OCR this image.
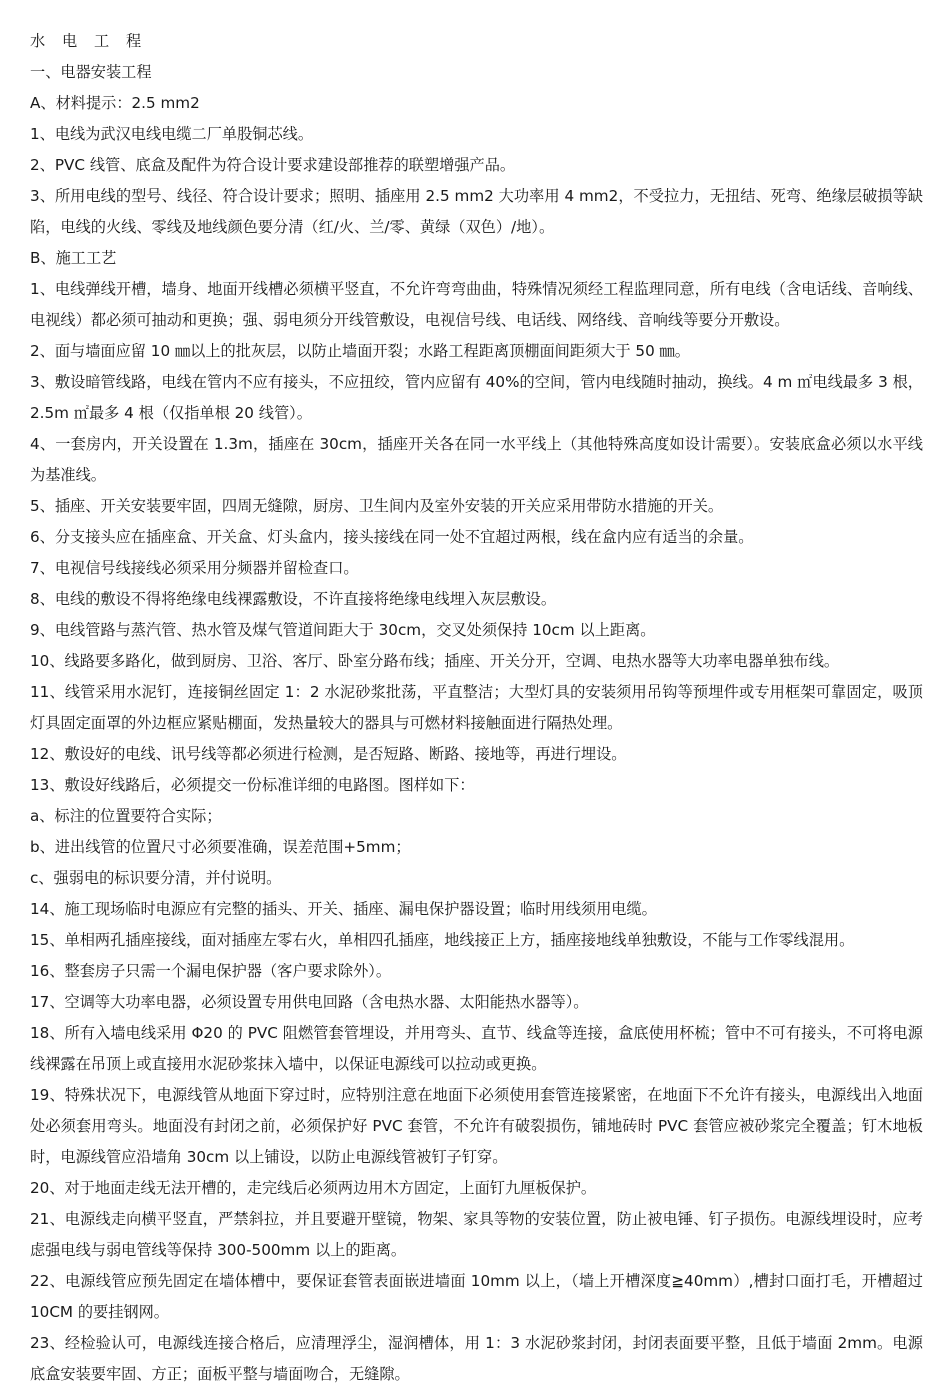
水 电 工 程

一、电器安装工程

A、材料提示：2.5 mm2

1、电线为武汉电线电缆二厂单股铜芯线。

2、PVC 线管、底盒及配件为符合设计要求建设部推荐的联塑增强产品。

3、所用电线的型号、线径、符合设计要求；照明、插座用 2.5 mm2 大功率用 4 mm2，不受拉力，无扭结、死弯、绝缘层破损等缺陷，电线的火线、零线及地线颜色要分清（红/火、兰/零、黄绿（双色）/地）。

B、施工工艺

1、电线弹线开槽，墙身、地面开线槽必须横平竖直，不允许弯弯曲曲，特殊情况须经工程监理同意，所有电线（含电话线、音响线、电视线）都必须可抽动和更换；强、弱电须分开线管敷设，电视信号线、电话线、网络线、音响线等要分开敷设。

2、面与墙面应留 10 ㎜以上的批灰层，以防止墙面开裂；水路工程距离顶棚面间距须大于 50 ㎜。

3、敷设暗管线路，电线在管内不应有接头，不应扭绞，管内应留有 40%的空间，管内电线随时抽动，换线。4 m ㎡电线最多 3 根，2.5m ㎡最多 4 根（仅指单根 20 线管）。

4、一套房内，开关设置在 1.3m，插座在 30cm，插座开关各在同一水平线上（其他特殊高度如设计需要）。安装底盒必须以水平线为基准线。

5、插座、开关安装要牢固，四周无缝隙，厨房、卫生间内及室外安装的开关应采用带防水措施的开关。

6、分支接头应在插座盒、开关盒、灯头盒内，接头接线在同一处不宜超过两根，线在盒内应有适当的余量。

7、电视信号线接线必须采用分频器并留检查口。

8、电线的敷设不得将绝缘电线裸露敷设，不许直接将绝缘电线埋入灰层敷设。

9、电线管路与蒸汽管、热水管及煤气管道间距大于 30cm，交叉处须保持 10cm 以上距离。

10、线路要多路化，做到厨房、卫浴、客厅、卧室分路布线；插座、开关分开，空调、电热水器等大功率电器单独布线。

11、线管采用水泥钉，连接铜丝固定 1：2 水泥砂浆批荡，平直整洁；大型灯具的安装须用吊钩等预埋件或专用框架可靠固定，吸顶灯具固定面罩的外边框应紧贴棚面，发热量较大的器具与可燃材料接触面进行隔热处理。

12、敷设好的电线、讯号线等都必须进行检测，是否短路、断路、接地等，再进行埋设。

13、敷设好线路后，必须提交一份标准详细的电路图。图样如下：

a、标注的位置要符合实际；

b、进出线管的位置尺寸必须要准确，误差范围+5mm；

c、强弱电的标识要分清，并付说明。

14、施工现场临时电源应有完整的插头、开关、插座、漏电保护器设置；临时用线须用电缆。

15、单相两孔插座接线，面对插座左零右火，单相四孔插座，地线接正上方，插座接地线单独敷设，不能与工作零线混用。

16、整套房子只需一个漏电保护器（客户要求除外）。

17、空调等大功率电器，必须设置专用供电回路（含电热水器、太阳能热水器等）。

18、所有入墙电线采用 Φ20 的 PVC 阻燃管套管埋设，并用弯头、直节、线盒等连接，盒底使用杯梳；管中不可有接头，不可将电源线裸露在吊顶上或直接用水泥砂浆抹入墙中，以保证电源线可以拉动或更换。

19、特殊状况下，电源线管从地面下穿过时，应特别注意在地面下必须使用套管连接紧密，在地面下不允许有接头，电源线出入地面处必须套用弯头。地面没有封闭之前，必须保护好 PVC 套管，不允许有破裂损伤，铺地砖时 PVC 套管应被砂浆完全覆盖；钉木地板时，电源线管应沿墙角 30cm 以上铺设，以防止电源线管被钉子钉穿。

20、对于地面走线无法开槽的，走完线后必须两边用木方固定，上面钉九厘板保护。

21、电源线走向横平竖直，严禁斜拉，并且要避开壁镜，物架、家具等物的安装位置，防止被电锤、钉子损伤。电源线埋设时，应考虑强电线与弱电管线等保持 300-500mm 以上的距离。

22、电源线管应预先固定在墙体槽中，要保证套管表面嵌进墙面 10mm 以上，（墙上开槽深度≧40mm）,槽封口面打毛，开槽超过 10CM 的要挂钢网。

23、经检验认可，电源线连接合格后，应清理浮尘，湿润槽体，用 1：3 水泥砂浆封闭，封闭表面要平整，且低于墙面 2mm。电源底盒安装要牢固、方正；面板平整与墙面吻合，无缝隙。
